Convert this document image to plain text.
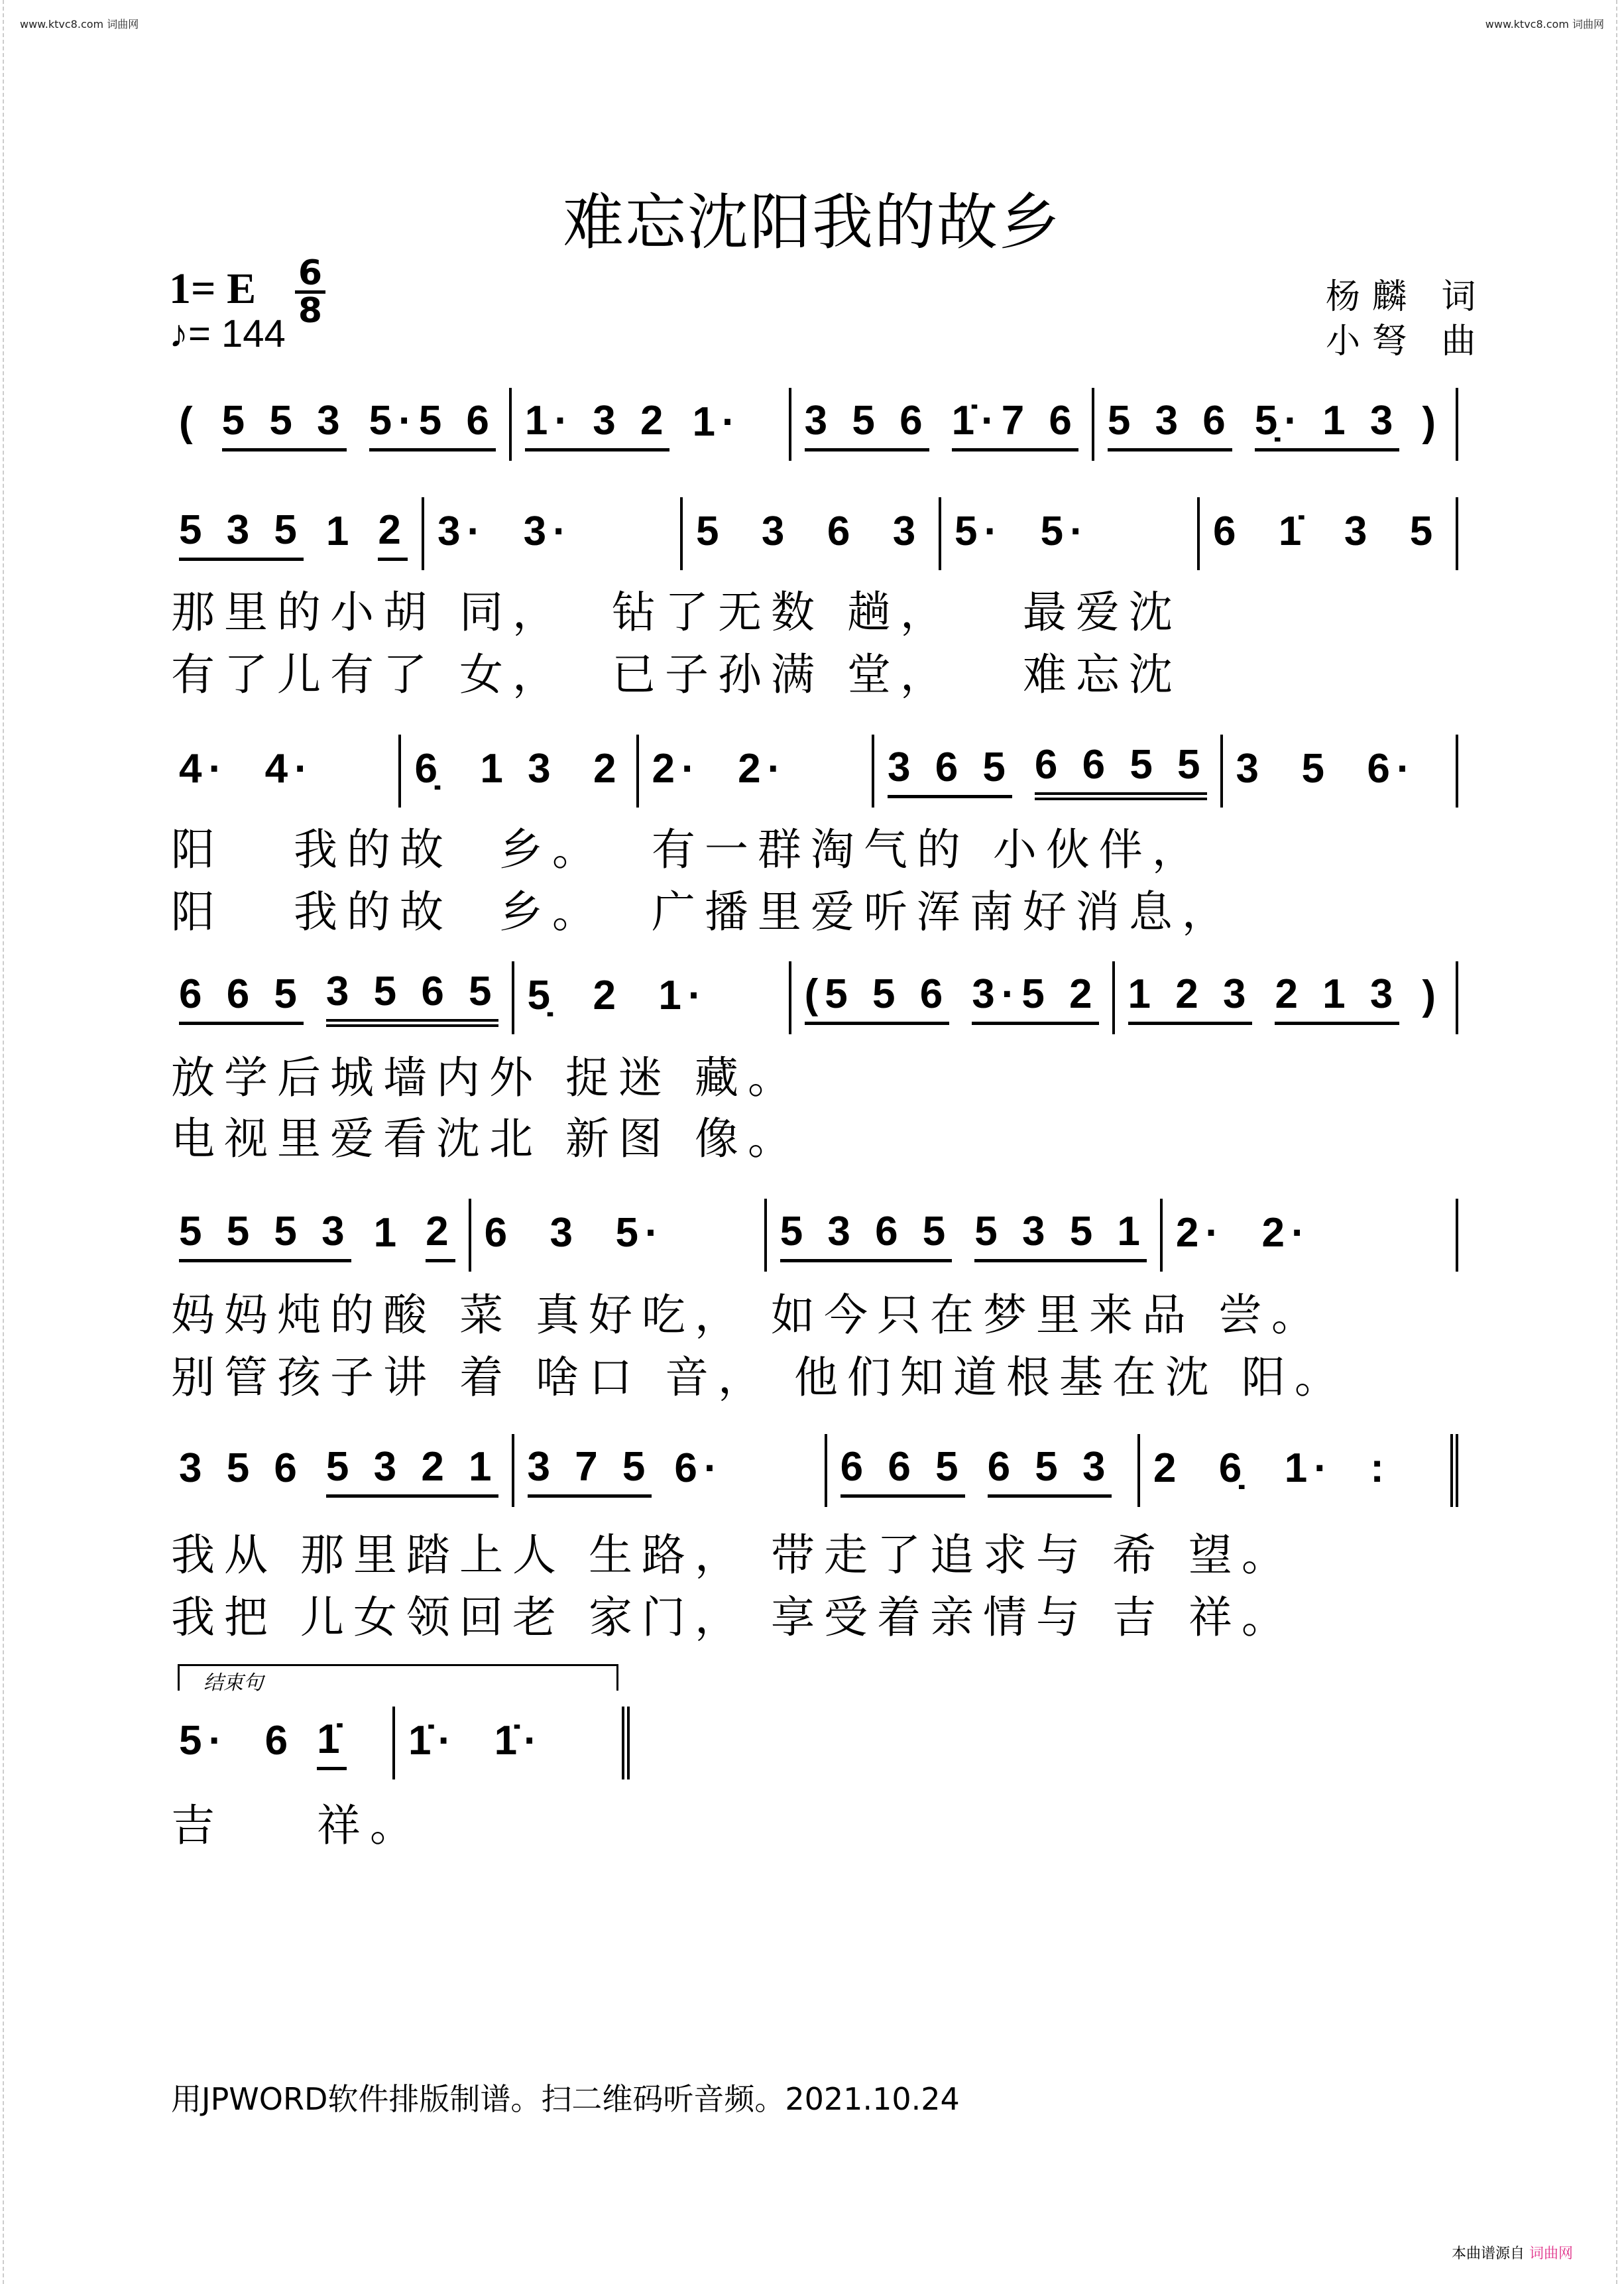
www.ktvc8.com 词曲网	www.ktvc8.com 词曲网
难忘沈阳我的故乡
1= E 6
8
♪= 144
杨麟 词
小弩 曲
( 5 5 3 5·5 6 1· 3 2 1· 3 5 6 1̇·7 6 5 3 6 5̣· 1 3 )
5 3 5 1 2 3·  3·	5  3  6  3 5·  5·	6  1̇  3  5
那里的小胡 同，  钻了无数 趟，   最爱沈
有了儿有了 女，  已子孙满 堂，   难忘沈
4·  4· 6̣  1 3  2 2·  2· 3 6 5 6 6 5 5 3  5  6·
阳   我的故  乡。  有一群淘气的 小伙伴，
阳   我的故  乡。  广播里爱听浑南好消息，
6 6 5 3 5 6 5 5̣  2  1· (5 5 6 3·5 2 1 2 3 2 1 3 )
放学后城墙内外 捉迷 藏。
电视里爱看沈北 新图 像。
5 5 5 3 1 2 6  3  5·	5 3 6 5 5 3 5 1 2·  2·
妈妈炖的酸 菜 真好吃， 如今只在梦里来品 尝。
别管孩子讲 着 啥口 音， 他们知道根基在沈 阳。
3 5 6 5 3 2 1 3 7 5 6·	6 6 5 6 5 3 2  6̣  1·  :
我从 那里踏上人 生路， 带走了追求与 希 望。
我把 儿女领回老 家门， 享受着亲情与 吉 祥。
5·  6 1̇ 1̇·  1̇·
吉    祥。
结束句
用JPWORD软件排版制谱。扫二维码听音频。2021.10.24
本曲谱源自 词曲网
